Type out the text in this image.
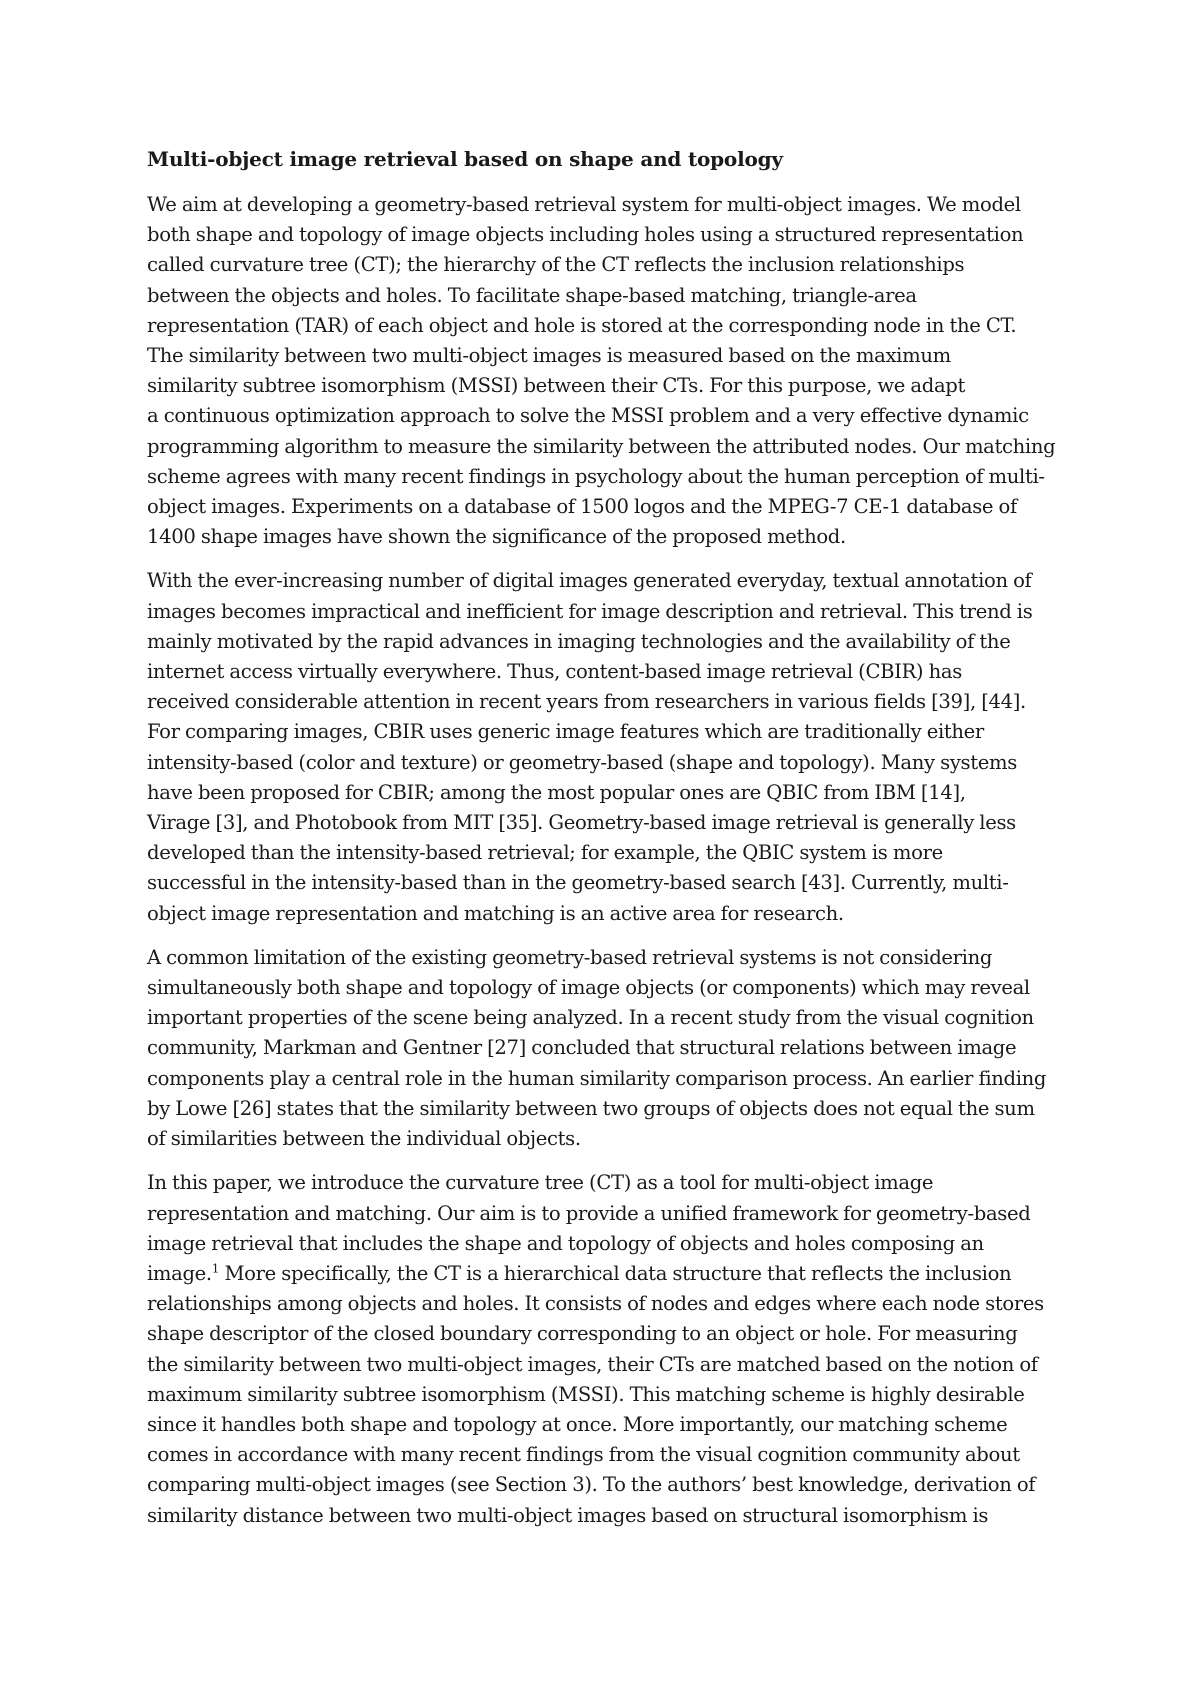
Multi-object image retrieval based on shape and topology
We aim at developing a geometry-based retrieval system for multi-object images. We model
both shape and topology of image objects including holes using a structured representation
called curvature tree (CT); the hierarchy of the CT reflects the inclusion relationships
between the objects and holes. To facilitate shape-based matching, triangle-area
representation (TAR) of each object and hole is stored at the corresponding node in the CT.
The similarity between two multi-object images is measured based on the maximum
similarity subtree isomorphism (MSSI) between their CTs. For this purpose, we adapt
a continuous optimization approach to solve the MSSI problem and a very effective dynamic
programming algorithm to measure the similarity between the attributed nodes. Our matching
scheme agrees with many recent findings in psychology about the human perception of multi-
object images. Experiments on a database of 1500 logos and the MPEG-7 CE-1 database of
1400 shape images have shown the significance of the proposed method.
With the ever-increasing number of digital images generated everyday, textual annotation of
images becomes impractical and inefficient for image description and retrieval. This trend is
mainly motivated by the rapid advances in imaging technologies and the availability of the
internet access virtually everywhere. Thus, content-based image retrieval (CBIR) has
received considerable attention in recent years from researchers in various fields [39], [44].
For comparing images, CBIR uses generic image features which are traditionally either
intensity-based (color and texture) or geometry-based (shape and topology). Many systems
have been proposed for CBIR; among the most popular ones are QBIC from IBM [14],
Virage [3], and Photobook from MIT [35]. Geometry-based image retrieval is generally less
developed than the intensity-based retrieval; for example, the QBIC system is more
successful in the intensity-based than in the geometry-based search [43]. Currently, multi-
object image representation and matching is an active area for research.
A common limitation of the existing geometry-based retrieval systems is not considering
simultaneously both shape and topology of image objects (or components) which may reveal
important properties of the scene being analyzed. In a recent study from the visual cognition
community, Markman and Gentner [27] concluded that structural relations between image
components play a central role in the human similarity comparison process. An earlier finding
by Lowe [26] states that the similarity between two groups of objects does not equal the sum
of similarities between the individual objects.
In this paper, we introduce the curvature tree (CT) as a tool for multi-object image
representation and matching. Our aim is to provide a unified framework for geometry-based
image retrieval that includes the shape and topology of objects and holes composing an
image.$^1$ More specifically, the CT is a hierarchical data structure that reflects the inclusion
relationships among objects and holes. It consists of nodes and edges where each node stores
shape descriptor of the closed boundary corresponding to an object or hole. For measuring
the similarity between two multi-object images, their CTs are matched based on the notion of
maximum similarity subtree isomorphism (MSSI). This matching scheme is highly desirable
since it handles both shape and topology at once. More importantly, our matching scheme
comes in accordance with many recent findings from the visual cognition community about
comparing multi-object images (see Section 3). To the authors’ best knowledge, derivation of
similarity distance between two multi-object images based on structural isomorphism is
